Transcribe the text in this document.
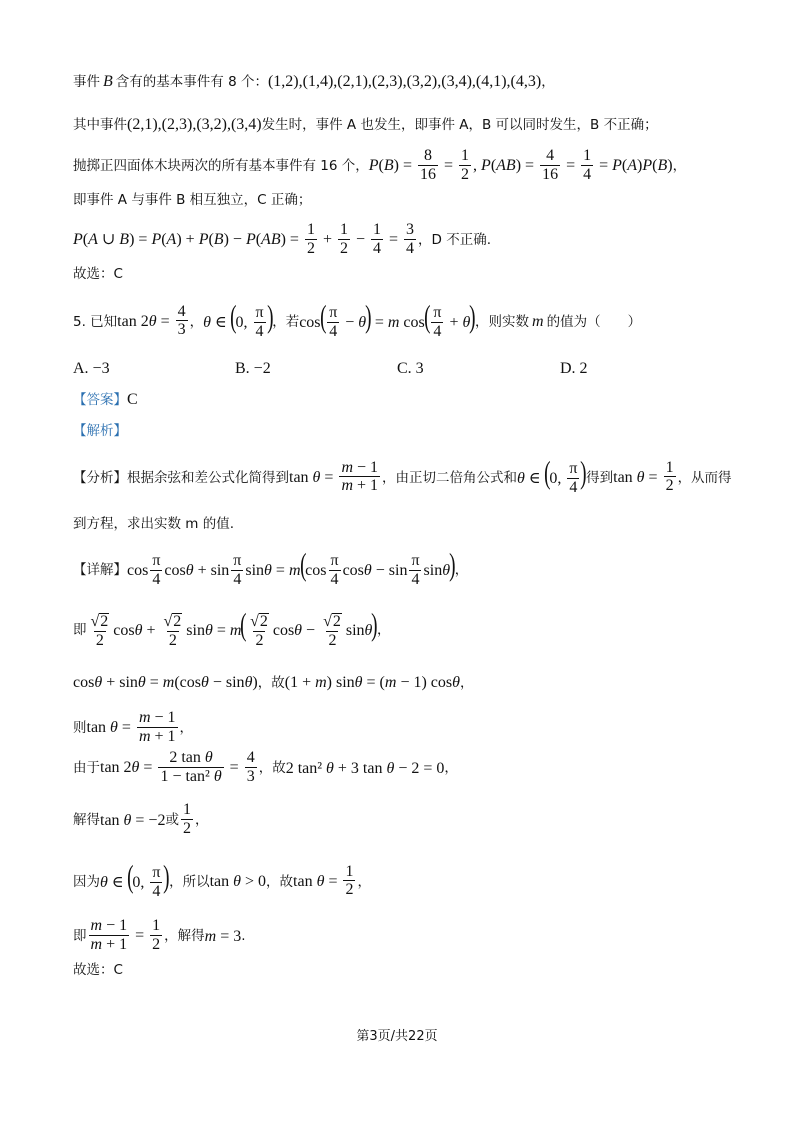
事件 B 含有的基本事件有 8 个： (1,2),(1,4),(2,1),(2,3),(3,2),(3,4),(4,1),(4,3) ，
其中事件 (2,1),(2,3),(3,2),(3,4) 发生时，事件 A 也发生，即事件 A，B 可以同时发生，B 不正确；
抛掷正四面体木块两次的所有基本事件有 16 个， $P(B) = \frac{8}{16} = \frac{1}{2}$ , $P(AB) = \frac{4}{16} = \frac{1}{4} = P(A)P(B)$ ，
即事件 A 与事件 B 相互独立，C 正确；
P(A ∪ $B) = P(A) + P(B) - P(AB) = \frac{1}{2} + \frac{1}{2} - \frac{1}{4} = \frac{3}{4}$ ，D 不正确.
故选：C
5. 已知 $\tan 2\theta = \frac{4}{3}$ ， θ ∈ (0, $\frac{\pi}{4}$ ) ，若 $\cos( \frac{\pi}{4} - \theta) = m$ $\cos( \frac{\pi}{4} + \theta)$ ，则实数 m 的值为（　　）
A. −3	B. −2	C. 3	D. 2
【答案】 C
【解析】
【分析】 根据余弦和差公式化简得到 $\tan \theta = \frac{m - 1}{m + 1}$ ，由正切二倍角公式和 θ ∈ (0, $\frac{\pi}{4}$ ) 得到 $\tan \theta = \frac{1}{2}$ ，从而得
到方程，求出实数 m 的值.
【详解】 $\cos \frac{\pi}{4}$ $\cos\theta + \sin \frac{\pi}{4}$ $\sin\theta = m(\cos \frac{\pi}{4}$ $\cos\theta - \sin \frac{\pi}{4} \sin\theta$) ，
即 $\frac{√ 2}{2}$ $\cos\theta + \frac{√ 2}{2}$ $\sin\theta = m( \frac{√ 2}{2}$ $\cos\theta - \frac{√ 2}{2} \sin\theta$) ，
cosθ + sinθ = m(cosθ − sinθ) ，故 (1 + m) sinθ = (m − 1) cosθ ，
则 $\tan \theta = \frac{m - 1}{m + 1}$ ，
由于 $\tan 2\theta = \frac{\text{2 tan θ}}{\text{1 − tan² θ}} = \frac{4}{3}$ ，故 2 tan² θ + 3 tan θ − 2 = 0 ，
解得 tan θ = −2 或 $\frac{1}{2}$ ，
因为 θ ∈ (0, $\frac{\pi}{4}$ ) ，所以 tan θ > 0 ，故 $\tan \theta = \frac{1}{2}$ ，
即 $\frac{m - 1}{m + 1} = \frac{1}{2}$ ，解得 m = 3 .
故选：C
第3页/共22页
